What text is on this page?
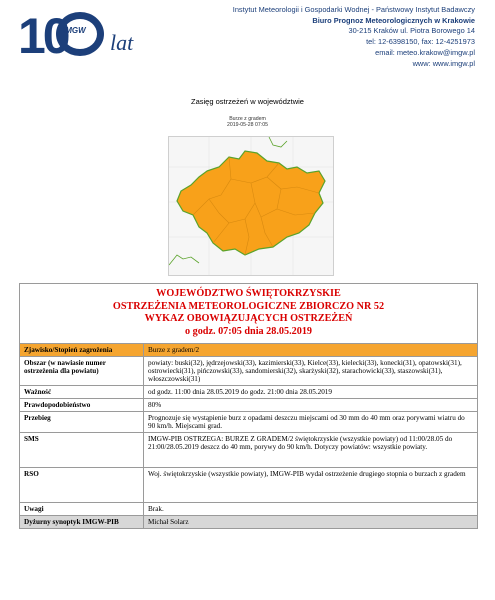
10
IMGW lat
Instytut Meteorologii i Gospodarki Wodnej - Państwowy Instytut Badawczy
Biuro Prognoz Meteorologicznych w Krakowie
30-215 Kraków ul. Piotra Borowego 14
tel: 12-6398150, fax: 12-4251973
email: meteo.krakow@imgw.pl
www: www.imgw.pl
Zasięg ostrzeżeń w województwie
Burze z gradem
2019-05-28 07:05
WOJEWÓDZTWO ŚWIĘTOKRZYSKIE
OSTRZEŻENIA METEOROLOGICZNE ZBIORCZO NR 52
WYKAZ OBOWIĄZUJĄCYCH OSTRZEŻEŃ
o godz. 07:05 dnia 28.05.2019	

Zjawisko/Stopień zagrożenia	Burze z gradem/2
Obszar (w nawiasie numer ostrzeżenia dla powiatu)	powiaty: buski(32), jędrzejowski(33), kazimierski(33), Kielce(33), kielecki(33), konecki(31), opatowski(31), ostrowiecki(31), pińczowski(33), sandomierski(32), skarżyski(32), starachowicki(33), staszowski(31), włoszczowski(31)
Ważność	od godz. 11:00 dnia 28.05.2019 do godz. 21:00 dnia 28.05.2019
Prawdopodobieństwo	80%
Przebieg	Prognozuje się wystąpienie burz z opadami deszczu miejscami od 30 mm do 40 mm oraz porywami wiatru do 90 km/h. Miejscami grad.
SMS	IMGW-PIB OSTRZEGA: BURZE Z GRADEM/2 świętokrzyskie (wszystkie powiaty) od 11:00/28.05 do 21:00/28.05.2019 deszcz do 40 mm, porywy do 90 km/h. Dotyczy powiatów: wszystkie powiaty.
RSO	Woj. świętokrzyskie (wszystkie powiaty), IMGW-PIB wydał ostrzeżenie drugiego stopnia o burzach z gradem
Uwagi	Brak.
Dyżurny synoptyk IMGW-PIB	Michał Solarz
